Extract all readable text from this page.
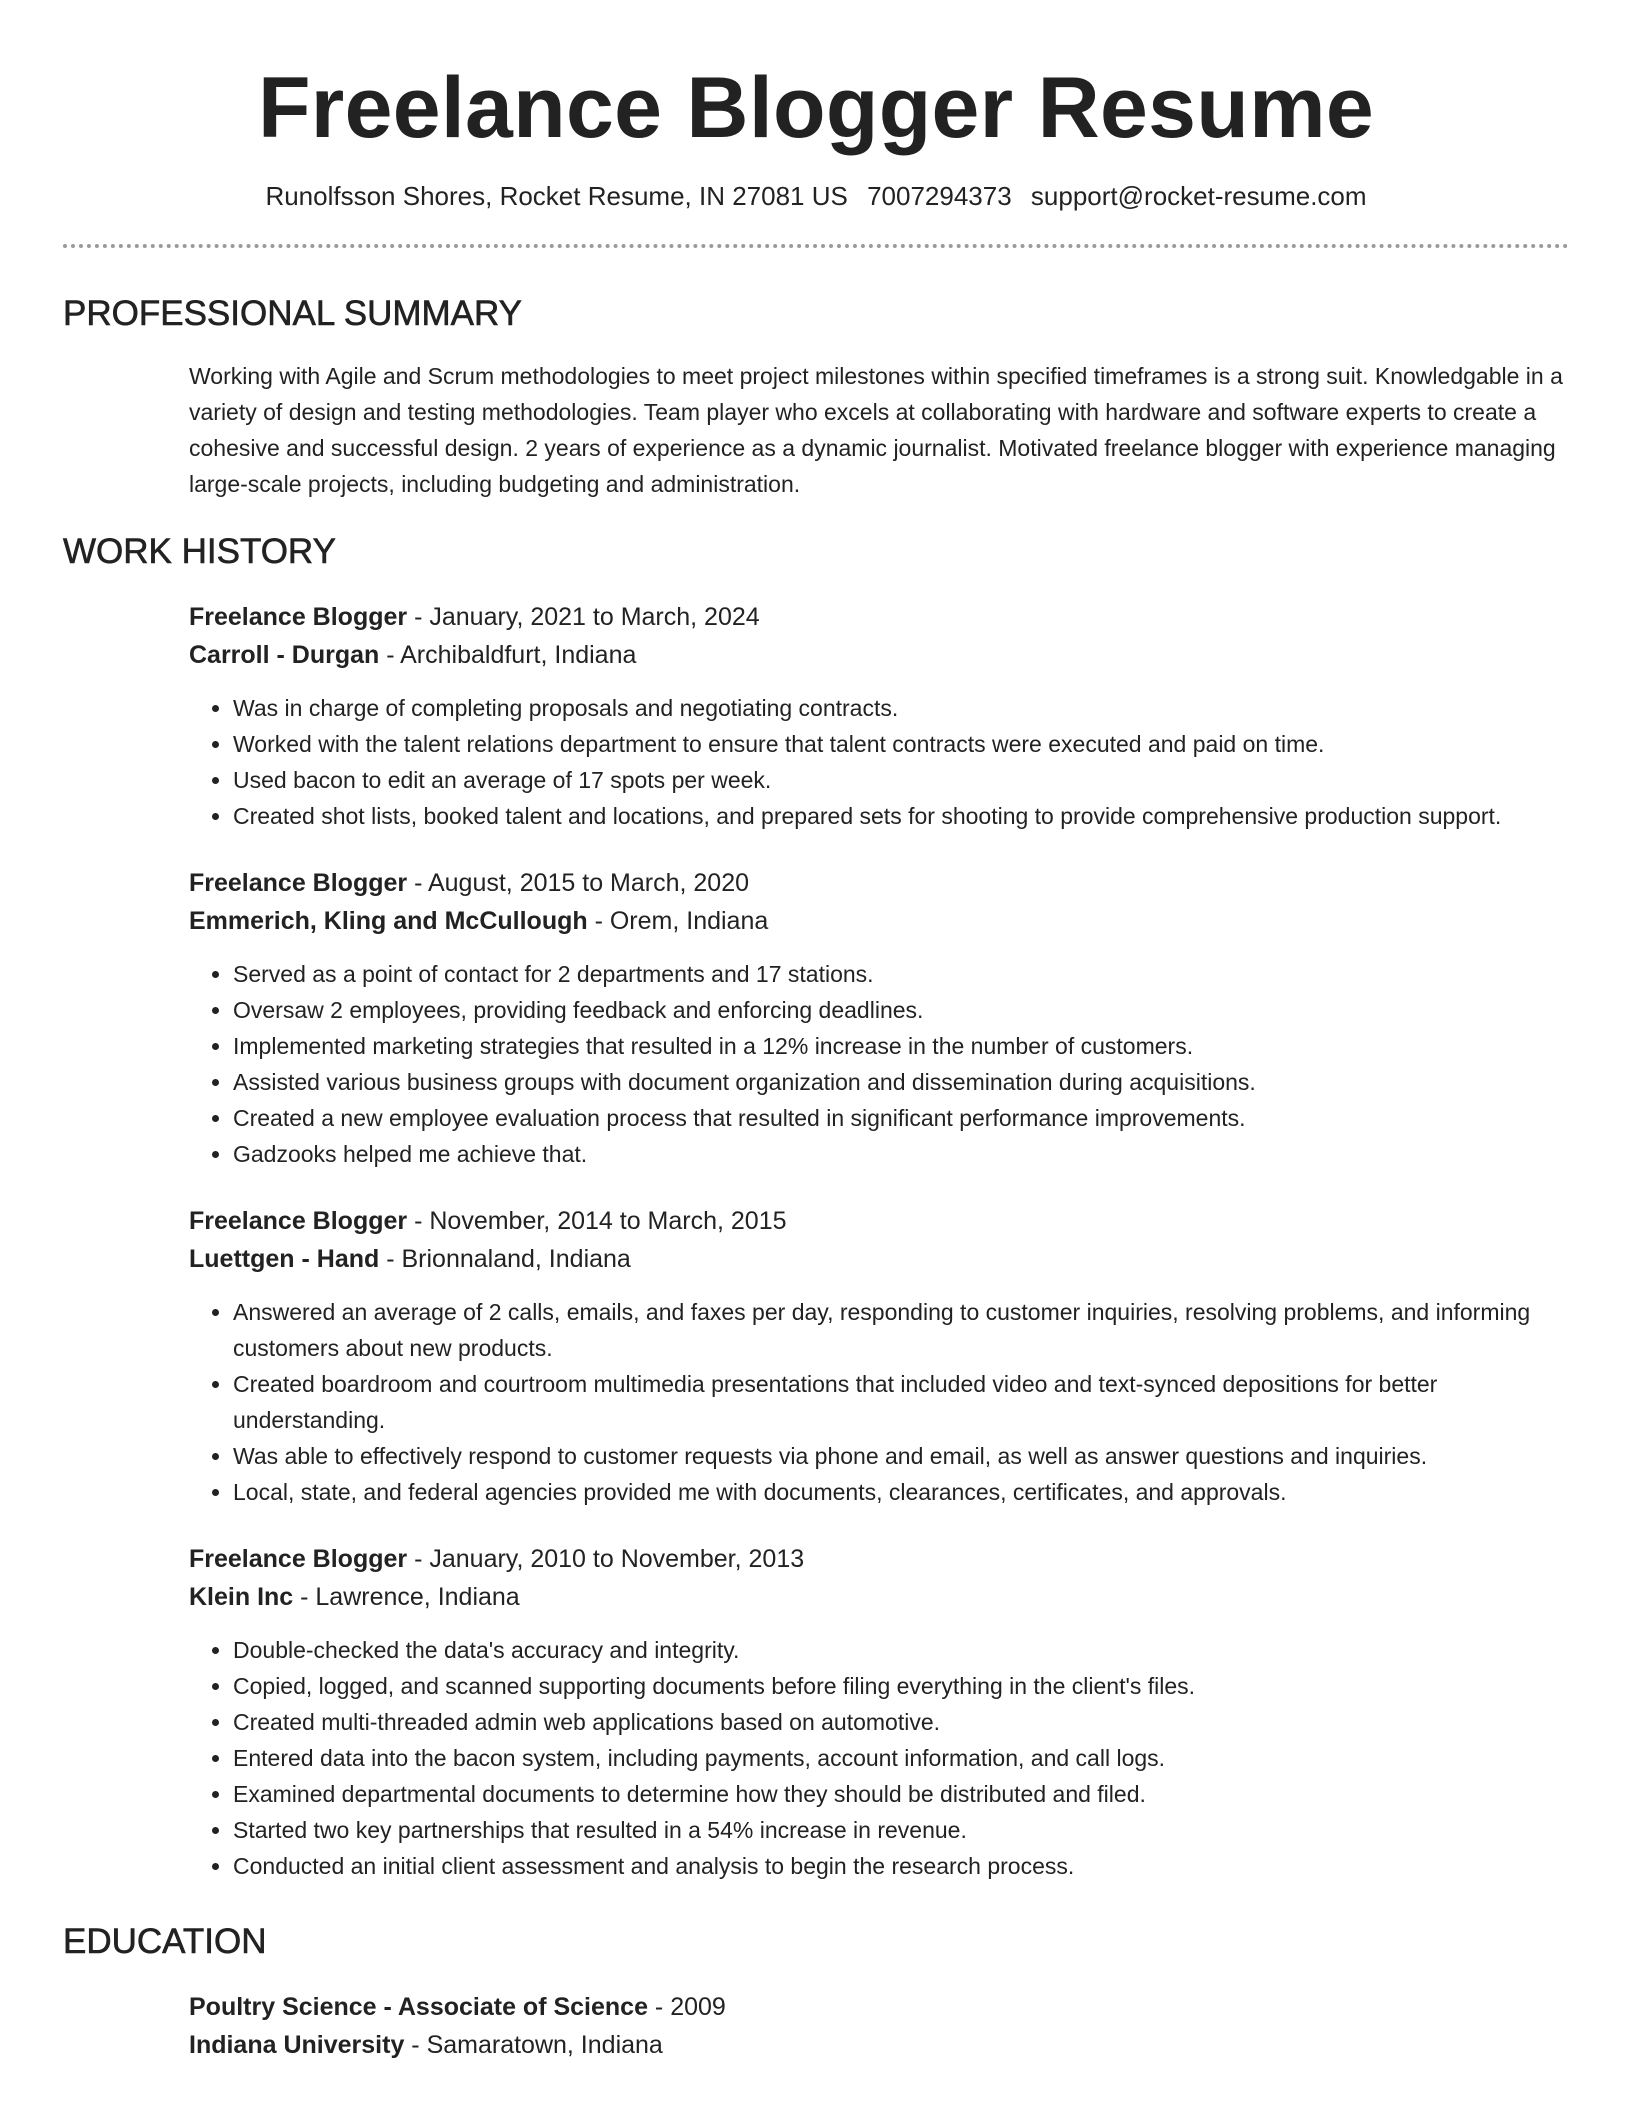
Freelance Blogger Resume
Runolfsson Shores, Rocket Resume, IN 27081 US 7007294373 support@rocket-resume.com
PROFESSIONAL SUMMARY
Working with Agile and Scrum methodologies to meet project milestones within specified timeframes is a strong suit. Knowledgable in a variety of design and testing methodologies. Team player who excels at collaborating with hardware and software experts to create a cohesive and successful design. 2 years of experience as a dynamic journalist. Motivated freelance blogger with experience managing large-scale projects, including budgeting and administration.
WORK HISTORY
Freelance Blogger - January, 2021 to March, 2024
Carroll - Durgan - Archibaldfurt, Indiana
• Was in charge of completing proposals and negotiating contracts.
• Worked with the talent relations department to ensure that talent contracts were executed and paid on time.
• Used bacon to edit an average of 17 spots per week.
• Created shot lists, booked talent and locations, and prepared sets for shooting to provide comprehensive production support.
Freelance Blogger - August, 2015 to March, 2020
Emmerich, Kling and McCullough - Orem, Indiana
• Served as a point of contact for 2 departments and 17 stations.
• Oversaw 2 employees, providing feedback and enforcing deadlines.
• Implemented marketing strategies that resulted in a 12% increase in the number of customers.
• Assisted various business groups with document organization and dissemination during acquisitions.
• Created a new employee evaluation process that resulted in significant performance improvements.
• Gadzooks helped me achieve that.
Freelance Blogger - November, 2014 to March, 2015
Luettgen - Hand - Brionnaland, Indiana
• Answered an average of 2 calls, emails, and faxes per day, responding to customer inquiries, resolving problems, and informing customers about new products.
• Created boardroom and courtroom multimedia presentations that included video and text-synced depositions for better understanding.
• Was able to effectively respond to customer requests via phone and email, as well as answer questions and inquiries.
• Local, state, and federal agencies provided me with documents, clearances, certificates, and approvals.
Freelance Blogger - January, 2010 to November, 2013
Klein Inc - Lawrence, Indiana
• Double-checked the data's accuracy and integrity.
• Copied, logged, and scanned supporting documents before filing everything in the client's files.
• Created multi-threaded admin web applications based on automotive.
• Entered data into the bacon system, including payments, account information, and call logs.
• Examined departmental documents to determine how they should be distributed and filed.
• Started two key partnerships that resulted in a 54% increase in revenue.
• Conducted an initial client assessment and analysis to begin the research process.
EDUCATION
Poultry Science - Associate of Science - 2009
Indiana University - Samaratown, Indiana
